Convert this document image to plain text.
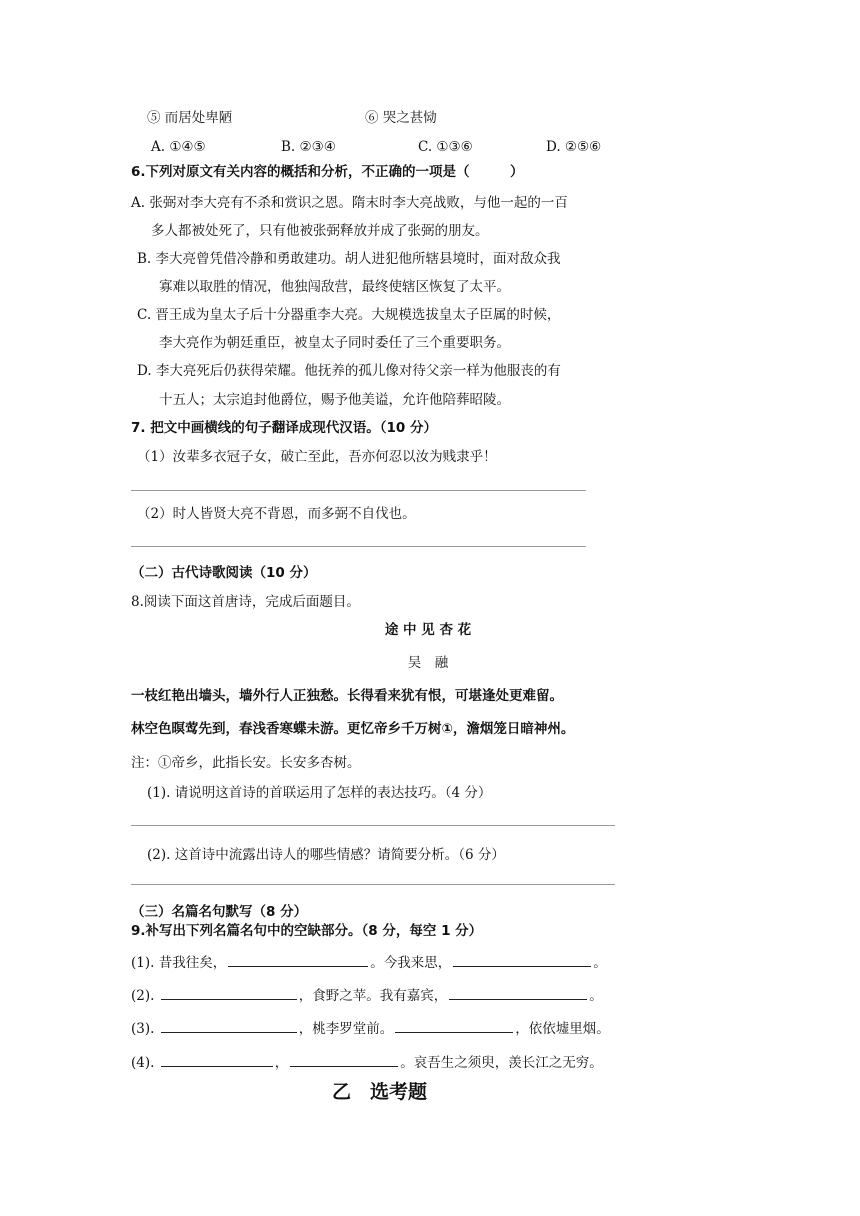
⑤ 而居处卑陋	⑥ 哭之甚恸
A. ①④⑤	B. ②③④	C. ①③⑥	D. ②⑤⑥
6.下列对原文有关内容的概括和分析，不正确的一项是（　　　）
A. 张弼对李大亮有不杀和赏识之恩。隋末时李大亮战败，与他一起的一百
多人都被处死了，只有他被张弼释放并成了张弼的朋友。
B. 李大亮曾凭借冷静和勇敢建功。胡人进犯他所辖县境时，面对敌众我
寡难以取胜的情况，他独闯敌营，最终使辖区恢复了太平。
C. 晋王成为皇太子后十分器重李大亮。大规模选拔皇太子臣属的时候，
李大亮作为朝廷重臣，被皇太子同时委任了三个重要职务。
D. 李大亮死后仍获得荣耀。他抚养的孤儿像对待父亲一样为他服丧的有
十五人；太宗追封他爵位，赐予他美谥，允许他陪葬昭陵。
7. 把文中画横线的句子翻译成现代汉语。（10 分）
（1）汝辈多衣冠子女，破亡至此，吾亦何忍以汝为贱隶乎！
（2）时人皆贤大亮不背恩，而多弼不自伐也。
（二）古代诗歌阅读（10 分）
8.阅读下面这首唐诗，完成后面题目。
途 中 见 杏 花
吴　融
一枝红艳出墙头，墙外行人正独愁。长得看来犹有恨，可堪逢处更难留。
林空色暝莺先到，春浅香寒蝶未游。更忆帝乡千万树①，澹烟笼日暗神州。
注：①帝乡，此指长安。长安多杏树。
(1). 请说明这首诗的首联运用了怎样的表达技巧。（4 分）
(2). 这首诗中流露出诗人的哪些情感？请简要分析。（6 分）
（三）名篇名句默写（8 分）
9.补写出下列名篇名句中的空缺部分。（8 分，每空 1 分）
(1). 昔我往矣，	。今我来思，	。
(2).	，食野之苹。我有嘉宾，	。
(3).	，桃李罗堂前。	，依依墟里烟。
(4).	，	。哀吾生之须臾，羡长江之无穷。
乙　选考题
